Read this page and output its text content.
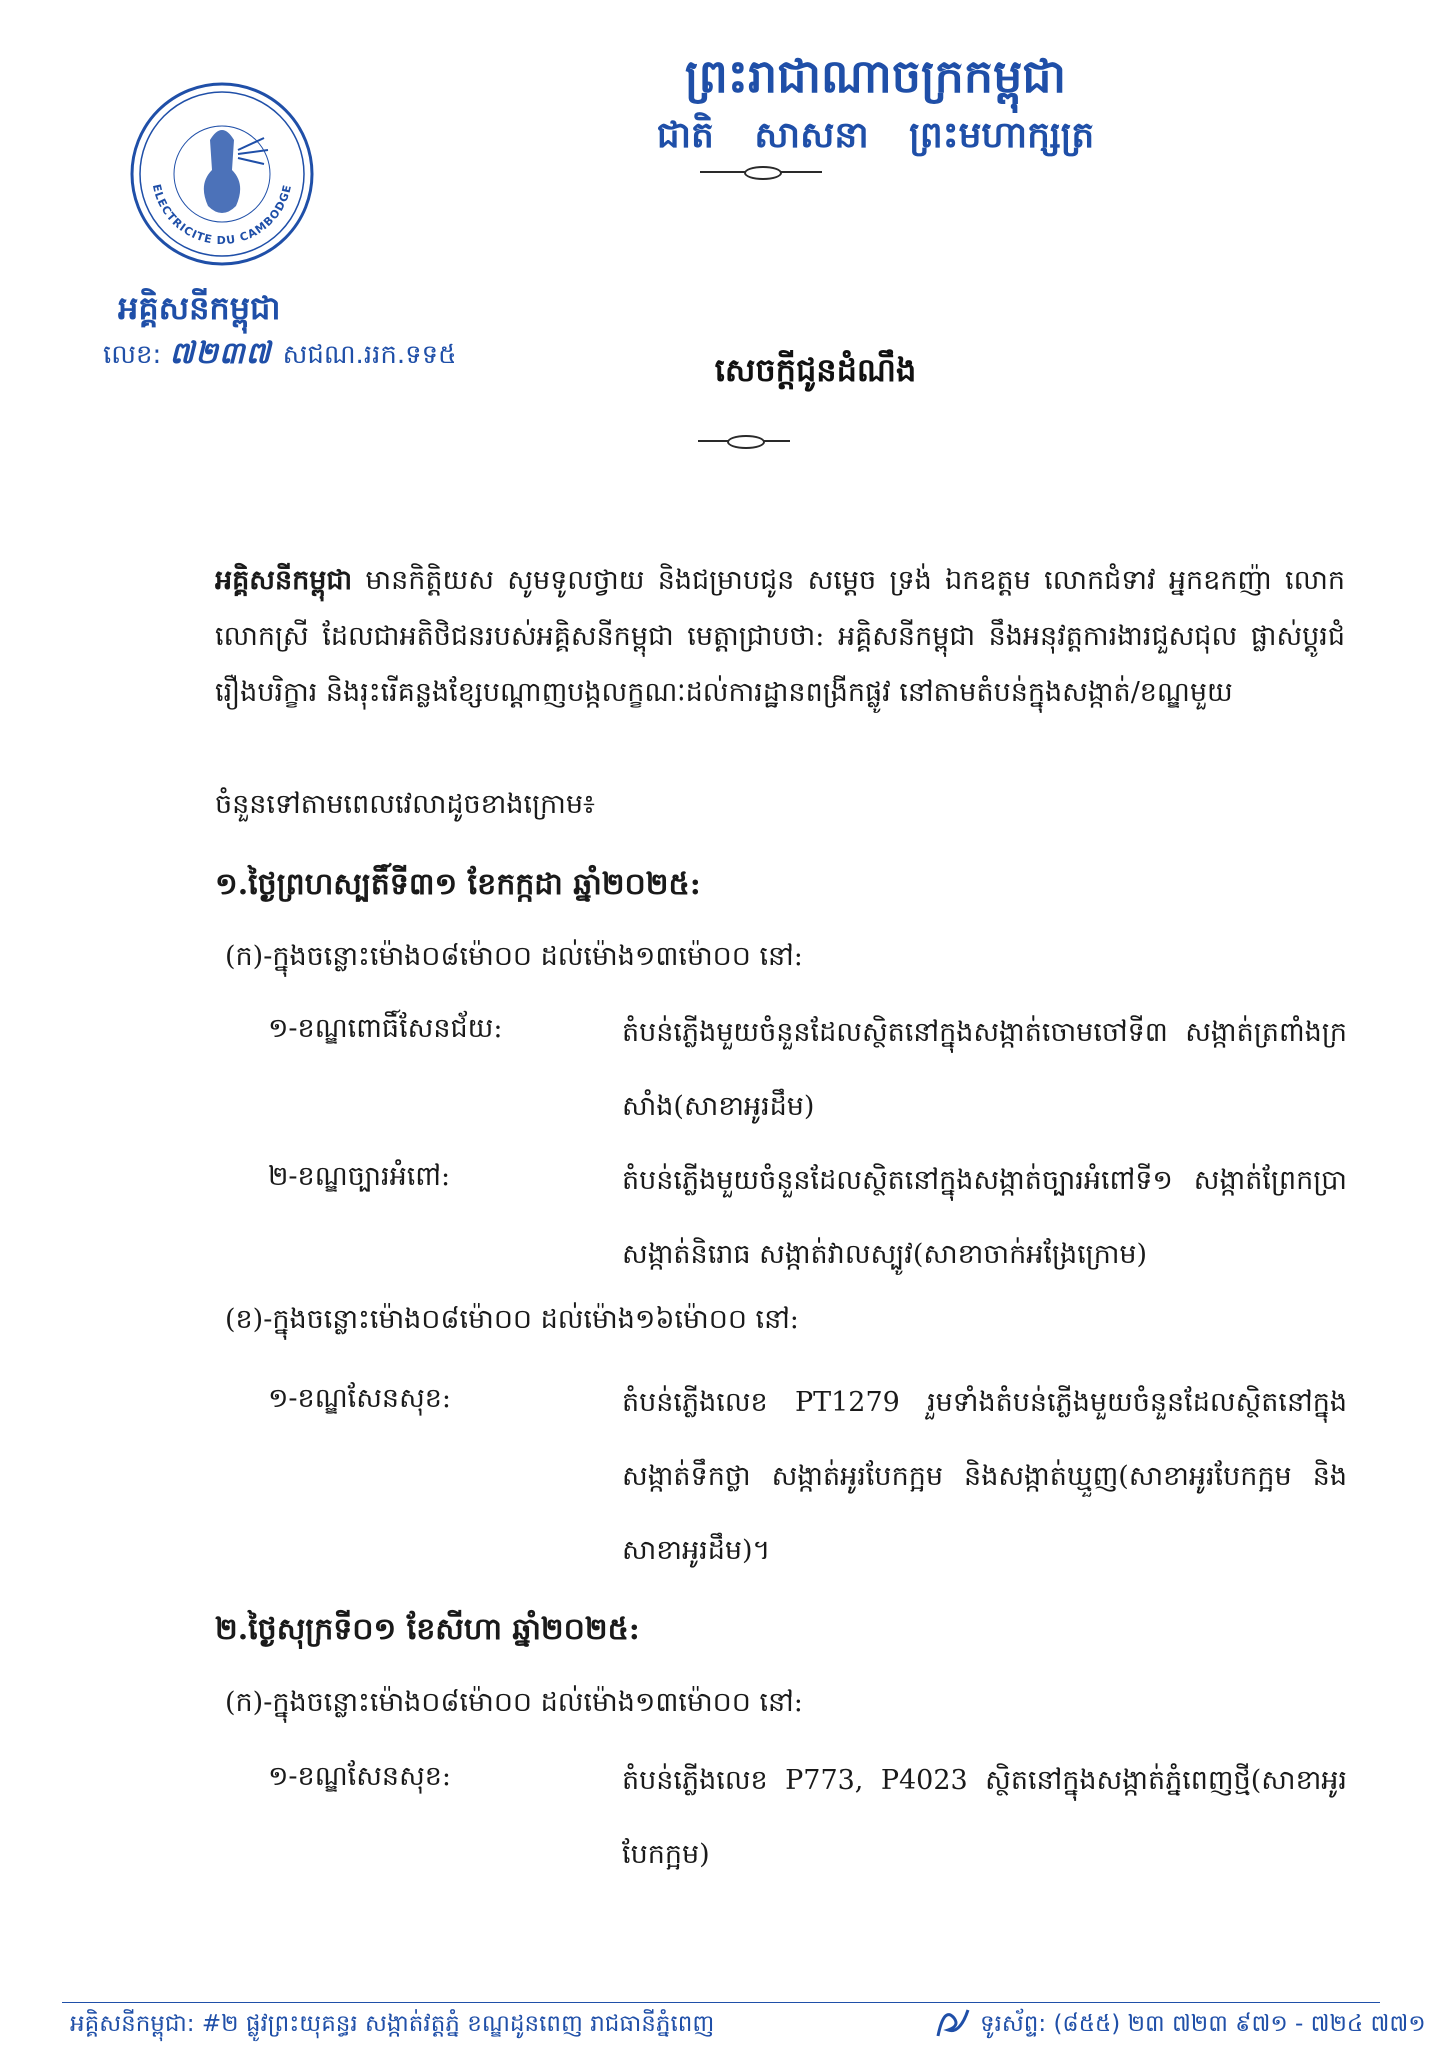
ព្រះរាជាណាចក្រកម្ពុជា
ជាតិ សាសនា ព្រះមហាក្សត្រ
ELECTRICITE DU CAMBODGE
អគ្គិសនីកម្ពុជា
លេខ: ៧២៣៧ សជណ.ររក.ទទ៥	សេចក្តីជូនដំណឹង
អគ្គិសនីកម្ពុជា មានកិត្តិយស សូមទូលថ្វាយ និងជម្រាបជូន សម្តេច ទ្រង់ ឯកឧត្តម លោកជំទាវ អ្នកឧកញ៉ា លោក លោកស្រី ដែលជាអតិថិជនរបស់អគ្គិសនីកម្ពុជា មេត្តាជ្រាបថា: អគ្គិសនីកម្ពុជា នឹងអនុវត្តការងារជួសជុល ផ្លាស់ប្តូរជំរឿងបរិក្ខារ និងរុះរើគន្លងខ្សែបណ្តាញបង្កលក្ខណៈដល់ការដ្ឋានពង្រីកផ្លូវ នៅតាមតំបន់ក្នុងសង្កាត់/ខណ្ឌមួយ
ចំនួនទៅតាមពេលវេលាដូចខាងក្រោម៖
១.ថ្ងៃព្រហស្បតិ៍ទី៣១ ខែកក្កដា ឆ្នាំ២០២៥:
(ក)-ក្នុងចន្លោះម៉ោង០៨ម៉ោ០០ ដល់ម៉ោង១៣ម៉ោ០០ នៅ:
១-ខណ្ឌពោធិ៍សែនជ័យ:	តំបន់ភ្លើងមួយចំនួនដែលស្ថិតនៅក្នុងសង្កាត់ចោមចៅទី៣ សង្កាត់ត្រពាំងក្រសាំង(សាខាអូរដឹម)
២-ខណ្ឌច្បារអំពៅ:	តំបន់ភ្លើងមួយចំនួនដែលស្ថិតនៅក្នុងសង្កាត់ច្បារអំពៅទី១ សង្កាត់ព្រែកប្រា សង្កាត់និរោធ សង្កាត់វាលស្បូវ(សាខាចាក់អង្រែក្រោម)
(ខ)-ក្នុងចន្លោះម៉ោង០៨ម៉ោ០០ ដល់ម៉ោង១៦ម៉ោ០០ នៅ:
១-ខណ្ឌសែនសុខ:	តំបន់ភ្លើងលេខ PT1279 រួមទាំងតំបន់ភ្លើងមួយចំនួនដែលស្ថិតនៅក្នុងសង្កាត់ទឹកថ្លា សង្កាត់អូរបែកក្អម និងសង្កាត់ឃ្មួញ(សាខាអូរបែកក្អម និងសាខាអូរដឹម)។
២.ថ្ងៃសុក្រទី០១ ខែសីហា ឆ្នាំ២០២៥:
(ក)-ក្នុងចន្លោះម៉ោង០៨ម៉ោ០០ ដល់ម៉ោង១៣ម៉ោ០០ នៅ:
១-ខណ្ឌសែនសុខ:	តំបន់ភ្លើងលេខ P773, P4023 ស្ថិតនៅក្នុងសង្កាត់ភ្នំពេញថ្មី(សាខាអូរបែកក្អម)
អគ្គិសនីកម្ពុជា: #២ ផ្លូវព្រះយុគន្ធរ សង្កាត់វត្តភ្នំ ខណ្ឌដូនពេញ រាជធានីភ្នំពេញ	ទូរស័ព្ទ: (៨៥៥) ២៣ ៧២៣ ៩៧១ - ៧២៤ ៧៧១
